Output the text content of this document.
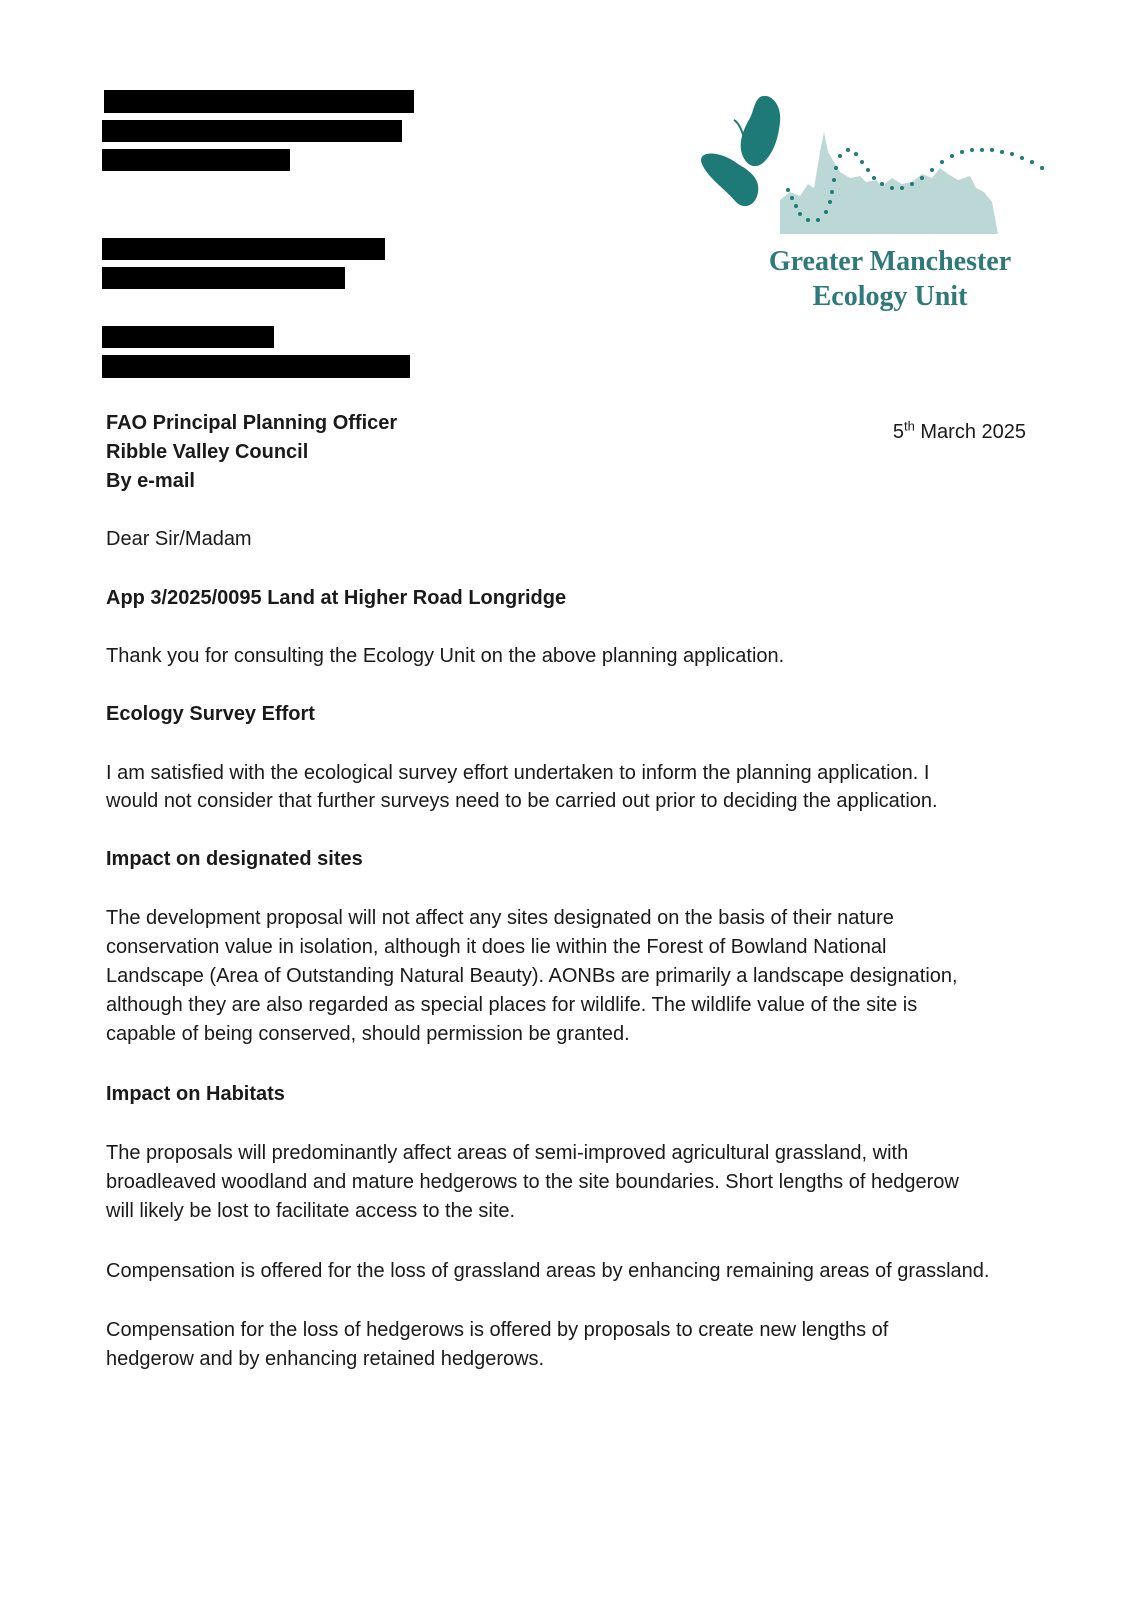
Greater Manchester
Ecology Unit
FAO Principal Planning Officer
Ribble Valley Council
By e-mail
5th March 2025
Dear Sir/Madam
App 3/2025/0095 Land at Higher Road Longridge
Thank you for consulting the Ecology Unit on the above planning application.
Ecology Survey Effort
I am satisfied with the ecological survey effort undertaken to inform the planning application. I
would not consider that further surveys need to be carried out prior to deciding the application.
Impact on designated sites
The development proposal will not affect any sites designated on the basis of their nature
conservation value in isolation, although it does lie within the Forest of Bowland National
Landscape (Area of Outstanding Natural Beauty). AONBs are primarily a landscape designation,
although they are also regarded as special places for wildlife. The wildlife value of the site is
capable of being conserved, should permission be granted.
Impact on Habitats
The proposals will predominantly affect areas of semi-improved agricultural grassland, with
broadleaved woodland and mature hedgerows to the site boundaries. Short lengths of hedgerow
will likely be lost to facilitate access to the site.
Compensation is offered for the loss of grassland areas by enhancing remaining areas of grassland.
Compensation for the loss of hedgerows is offered by proposals to create new lengths of
hedgerow and by enhancing retained hedgerows.
